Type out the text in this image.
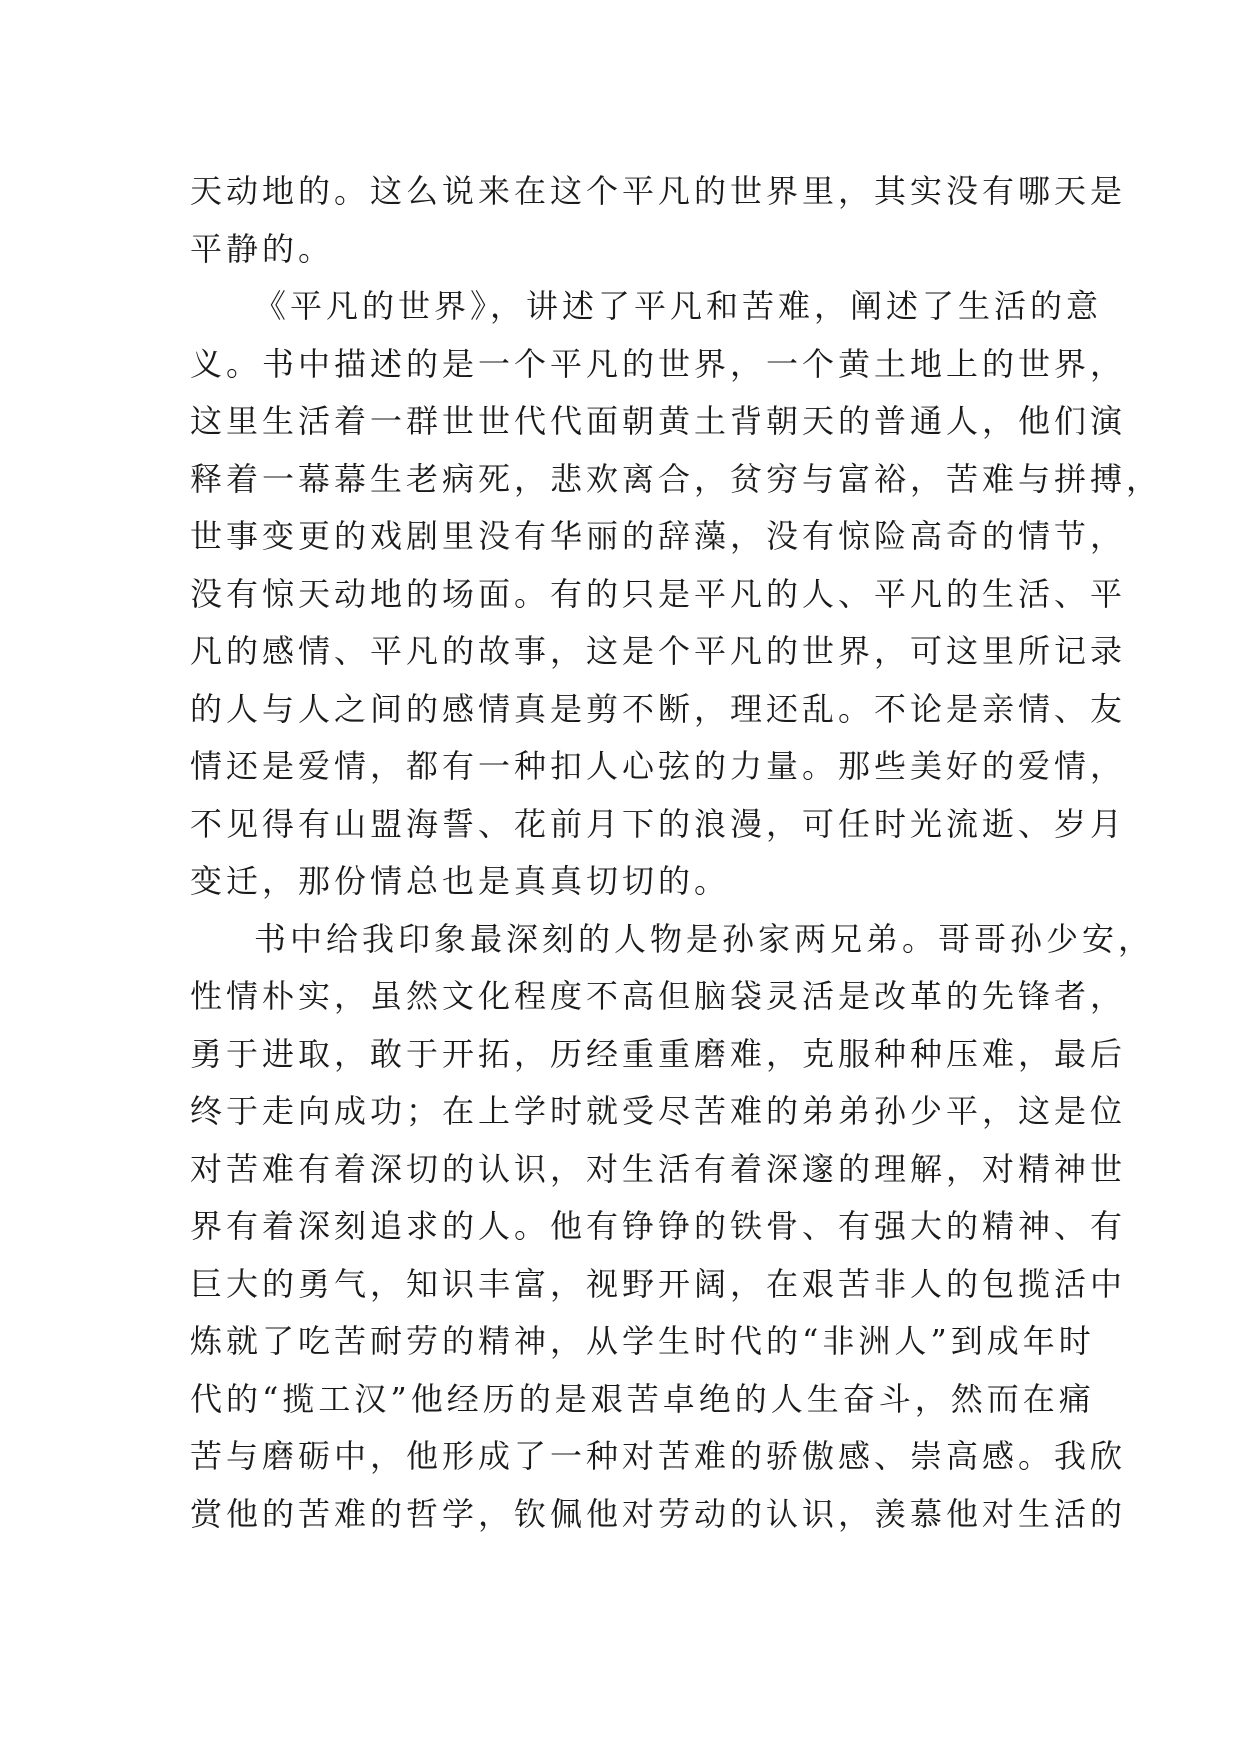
天动地的。这么说来在这个平凡的世界里，其实没有哪天是
平静的。
《平凡的世界》，讲述了平凡和苦难，阐述了生活的意
义。书中描述的是一个平凡的世界，一个黄土地上的世界，
这里生活着一群世世代代面朝黄土背朝天的普通人，他们演
释着一幕幕生老病死，悲欢离合，贫穷与富裕，苦难与拼搏，
世事变更的戏剧里没有华丽的辞藻，没有惊险高奇的情节，
没有惊天动地的场面。有的只是平凡的人、平凡的生活、平
凡的感情、平凡的故事，这是个平凡的世界，可这里所记录
的人与人之间的感情真是剪不断，理还乱。不论是亲情、友
情还是爱情，都有一种扣人心弦的力量。那些美好的爱情，
不见得有山盟海誓、花前月下的浪漫，可任时光流逝、岁月
变迁，那份情总也是真真切切的。
书中给我印象最深刻的人物是孙家两兄弟。哥哥孙少安，
性情朴实，虽然文化程度不高但脑袋灵活是改革的先锋者，
勇于进取，敢于开拓，历经重重磨难，克服种种压难，最后
终于走向成功；在上学时就受尽苦难的弟弟孙少平，这是位
对苦难有着深切的认识，对生活有着深邃的理解，对精神世
界有着深刻追求的人。他有铮铮的铁骨、有强大的精神、有
巨大的勇气，知识丰富，视野开阔，在艰苦非人的包揽活中
炼就了吃苦耐劳的精神，从学生时代的“非洲人”到成年时
代的“揽工汉”他经历的是艰苦卓绝的人生奋斗，然而在痛
苦与磨砺中，他形成了一种对苦难的骄傲感、崇高感。我欣
赏他的苦难的哲学，钦佩他对劳动的认识，羡慕他对生活的
